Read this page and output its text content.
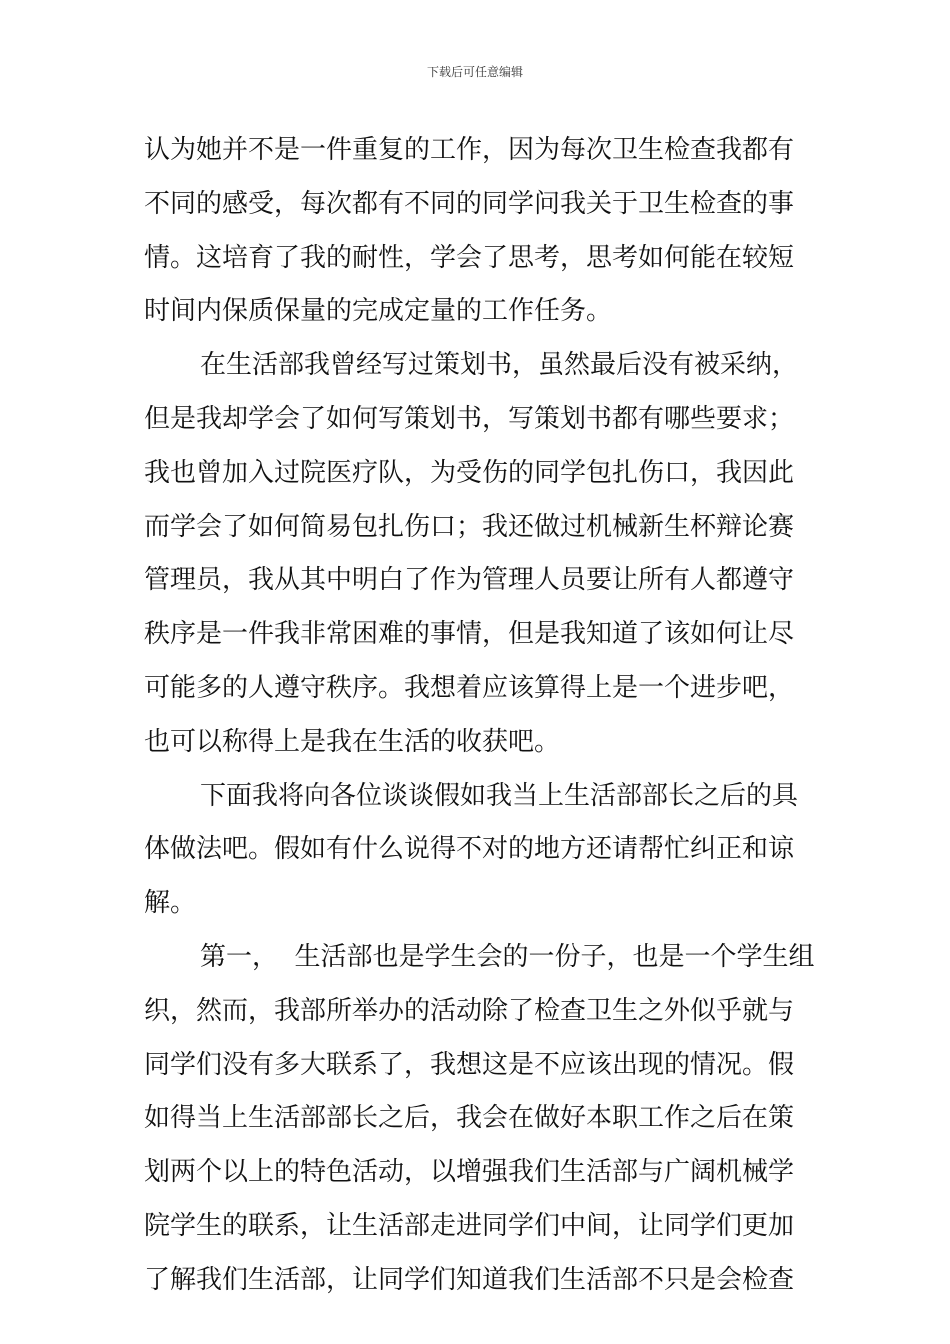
下载后可任意编辑
认为她并不是一件重复的工作，因为每次卫生检查我都有
不同的感受，每次都有不同的同学问我关于卫生检查的事
情。这培育了我的耐性，学会了思考，思考如何能在较短
时间内保质保量的完成定量的工作任务。
在生活部我曾经写过策划书，虽然最后没有被采纳，
但是我却学会了如何写策划书，写策划书都有哪些要求；
我也曾加入过院医疗队，为受伤的同学包扎伤口，我因此
而学会了如何简易包扎伤口；我还做过机械新生杯辩论赛
管理员，我从其中明白了作为管理人员要让所有人都遵守
秩序是一件我非常困难的事情，但是我知道了该如何让尽
可能多的人遵守秩序。我想着应该算得上是一个进步吧，
也可以称得上是我在生活的收获吧。
下面我将向各位谈谈假如我当上生活部部长之后的具
体做法吧。假如有什么说得不对的地方还请帮忙纠正和谅
解。
第一，  生活部也是学生会的一份子，也是一个学生组
织，然而，我部所举办的活动除了检查卫生之外似乎就与
同学们没有多大联系了，我想这是不应该出现的情况。假
如得当上生活部部长之后，我会在做好本职工作之后在策
划两个以上的特色活动，以增强我们生活部与广阔机械学
院学生的联系，让生活部走进同学们中间，让同学们更加
了解我们生活部，让同学们知道我们生活部不只是会检查
